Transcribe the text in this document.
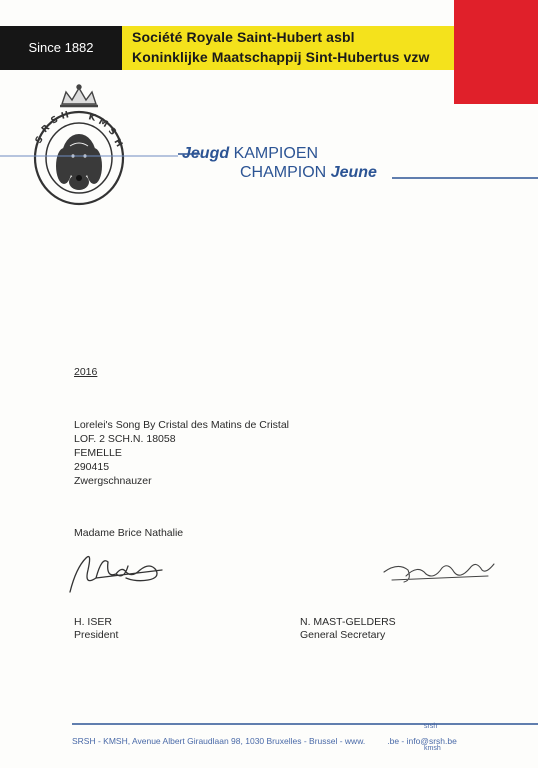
Since 1882
Société Royale Saint-Hubert asbl
Koninklijke Maatschappij Sint-Hubertus vzw
S
R
S H K M
S
H
Jeugd KAMPIOEN
CHAMPION Jeune
2016
Lorelei's Song By Cristal des Matins de Cristal
LOF. 2 SCH.N. 18058
FEMELLE
290415
Zwergschnauzer
Madame Brice Nathalie
H. ISER
President
N. MAST-GELDERS
General Secretary
SRSH - KMSH, Avenue Albert Giraudlaan 98, 1030 Bruxelles - Brussel - www.	.be - info@srsh.be
srsh
kmsh
